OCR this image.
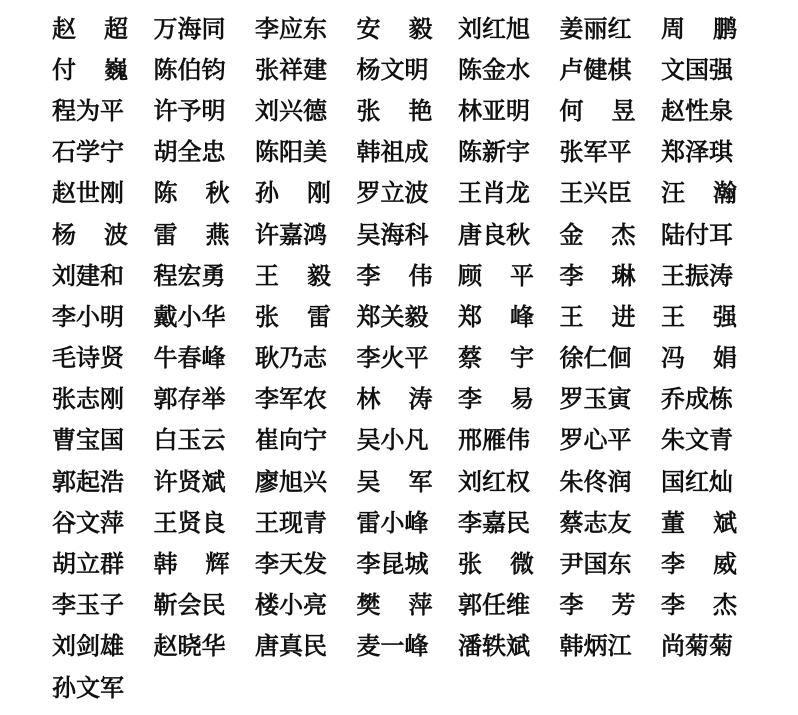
赵 超 万海同 李应东 安 毅 刘红旭 姜丽红 周 鹏
付 巍 陈伯钧 张祥建 杨文明 陈金水 卢健棋 文国强
程为平 许予明 刘兴德 张 艳 林亚明 何 昱 赵性泉
石学宁 胡全忠 陈阳美 韩祖成 陈新宇 张军平 郑泽琪
赵世刚 陈 秋 孙 刚 罗立波 王肖龙 王兴臣 汪 瀚
杨 波 雷 燕 许嘉鸿 吴海科 唐良秋 金 杰 陆付耳
刘建和 程宏勇 王 毅 李 伟 顾 平 李 琳 王振涛
李小明 戴小华 张 雷 郑关毅 郑 峰 王 进 王 强
毛诗贤 牛春峰 耿乃志 李火平 蔡 宇 徐仁佪 冯 娟
张志刚 郭存举 李军农 林 涛 李 易 罗玉寅 乔成栋
曹宝国 白玉云 崔向宁 吴小凡 邢雁伟 罗心平 朱文青
郭起浩 许贤斌 廖旭兴 吴 军 刘红权 朱佟润 国红灿
谷文萍 王贤良 王现青 雷小峰 李嘉民 蔡志友 董 斌
胡立群 韩 辉 李天发 李昆城 张 微 尹国东 李 威
李玉子 靳会民 楼小亮 樊 萍 郭任维 李 芳 李 杰
刘剑雄 赵晓华 唐真民 麦一峰 潘轶斌 韩炳江 尚菊菊
孙文军
